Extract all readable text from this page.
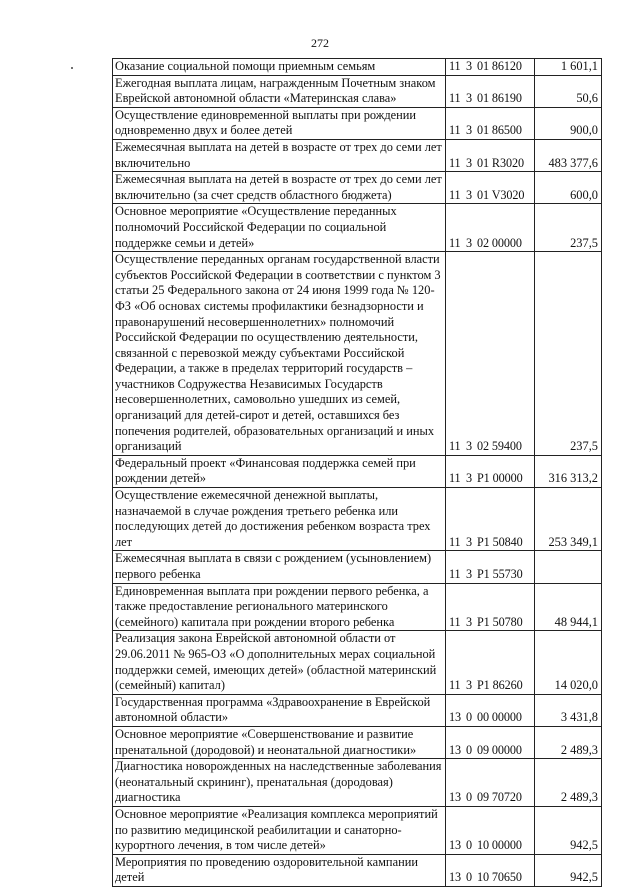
272
Оказание социальной помощи приемным семьям	11 3 01 86120	1 601,1
Ежегодная выплата лицам, награжденным Почетным знаком Еврейской автономной области «Материнская слава»	11 3 01 86190	50,6
Осуществление единовременной выплаты при рождении одновременно двух и более детей	11 3 01 86500	900,0
Ежемесячная выплата на детей в возрасте от трех до семи лет включительно	11 3 01 R3020	483 377,6
Ежемесячная выплата на детей в возрасте от трех до семи лет включительно (за счет средств областного бюджета)	11 3 01 V3020	600,0
Основное мероприятие «Осуществление переданных полномочий Российской Федерации по социальной поддержке семьи и детей»	11 3 02 00000	237,5
Осуществление переданных органам государственной власти субъектов Российской Федерации в соответствии с пунктом 3 статьи 25 Федерального закона от 24 июня 1999 года № 120-ФЗ «Об основах системы профилактики безнадзорности и правонарушений несовершеннолетних» полномочий Российской Федерации по осуществлению деятельности, связанной с перевозкой между субъектами Российской Федерации, а также в пределах территорий государств – участников Содружества Независимых Государств несовершеннолетних, самовольно ушедших из семей, организаций для детей-сирот и детей, оставшихся без попечения родителей, образовательных организаций и иных организаций	11 3 02 59400	237,5
Федеральный проект «Финансовая поддержка семей при рождении детей»	11 3 P1 00000	316 313,2
Осуществление ежемесячной денежной выплаты, назначаемой в случае рождения третьего ребенка или последующих детей до достижения ребенком возраста трех лет	11 3 P1 50840	253 349,1
Ежемесячная выплата в связи с рождением (усыновлением) первого ребенка	11 3 P1 55730	
Единовременная выплата при рождении первого ребенка, а также предоставление регионального материнского (семейного) капитала при рождении второго ребенка	11 3 P1 50780	48 944,1
Реализация закона Еврейской автономной области от 29.06.2011 № 965-ОЗ «О дополнительных мерах социальной поддержки семей, имеющих детей» (областной материнский (семейный) капитал)	11 3 P1 86260	14 020,0
Государственная программа «Здравоохранение в Еврейской автономной области»	13 0 00 00000	3 431,8
Основное мероприятие «Совершенствование и развитие пренатальной (дородовой) и неонатальной диагностики»	13 0 09 00000	2 489,3
Диагностика новорожденных на наследственные заболевания (неонатальный скрининг), пренатальная (дородовая) диагностика	13 0 09 70720	2 489,3
Основное мероприятие «Реализация комплекса мероприятий по развитию медицинской реабилитации и санаторно-курортного лечения, в том числе детей»	13 0 10 00000	942,5
Мероприятия по проведению оздоровительной кампании детей	13 0 10 70650	942,5
